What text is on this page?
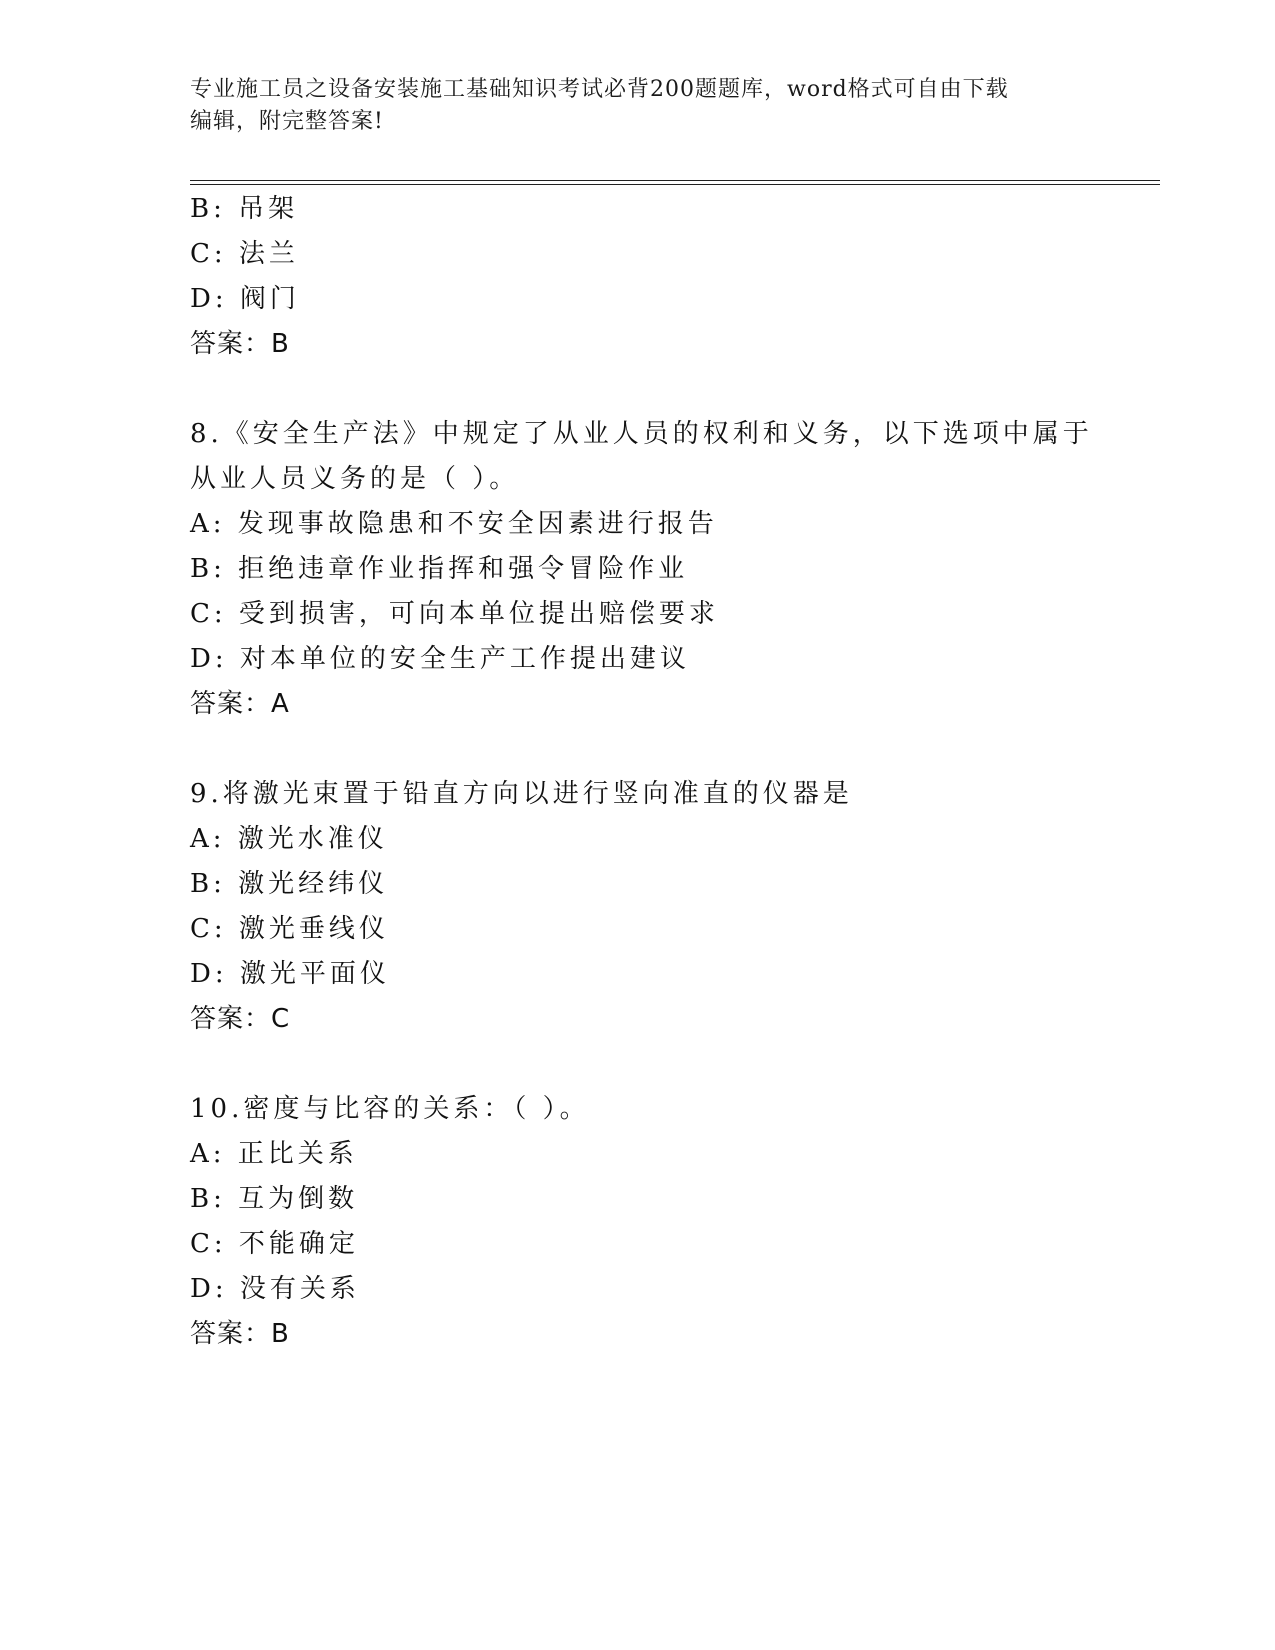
专业施工员之设备安装施工基础知识考试必背200题题库，word格式可自由下载
编辑，附完整答案!
B: 吊架
C: 法兰
D: 阀门
答案：B
8.《安全生产法》中规定了从业人员的权利和义务，以下选项中属于
从业人员义务的是（ ）。
A: 发现事故隐患和不安全因素进行报告
B: 拒绝违章作业指挥和强令冒险作业
C: 受到损害，可向本单位提出赔偿要求
D: 对本单位的安全生产工作提出建议
答案：A
9.将激光束置于铅直方向以进行竖向准直的仪器是
A: 激光水准仪
B: 激光经纬仪
C: 激光垂线仪
D: 激光平面仪
答案：C
10.密度与比容的关系：（ ）。
A: 正比关系
B: 互为倒数
C: 不能确定
D: 没有关系
答案：B
